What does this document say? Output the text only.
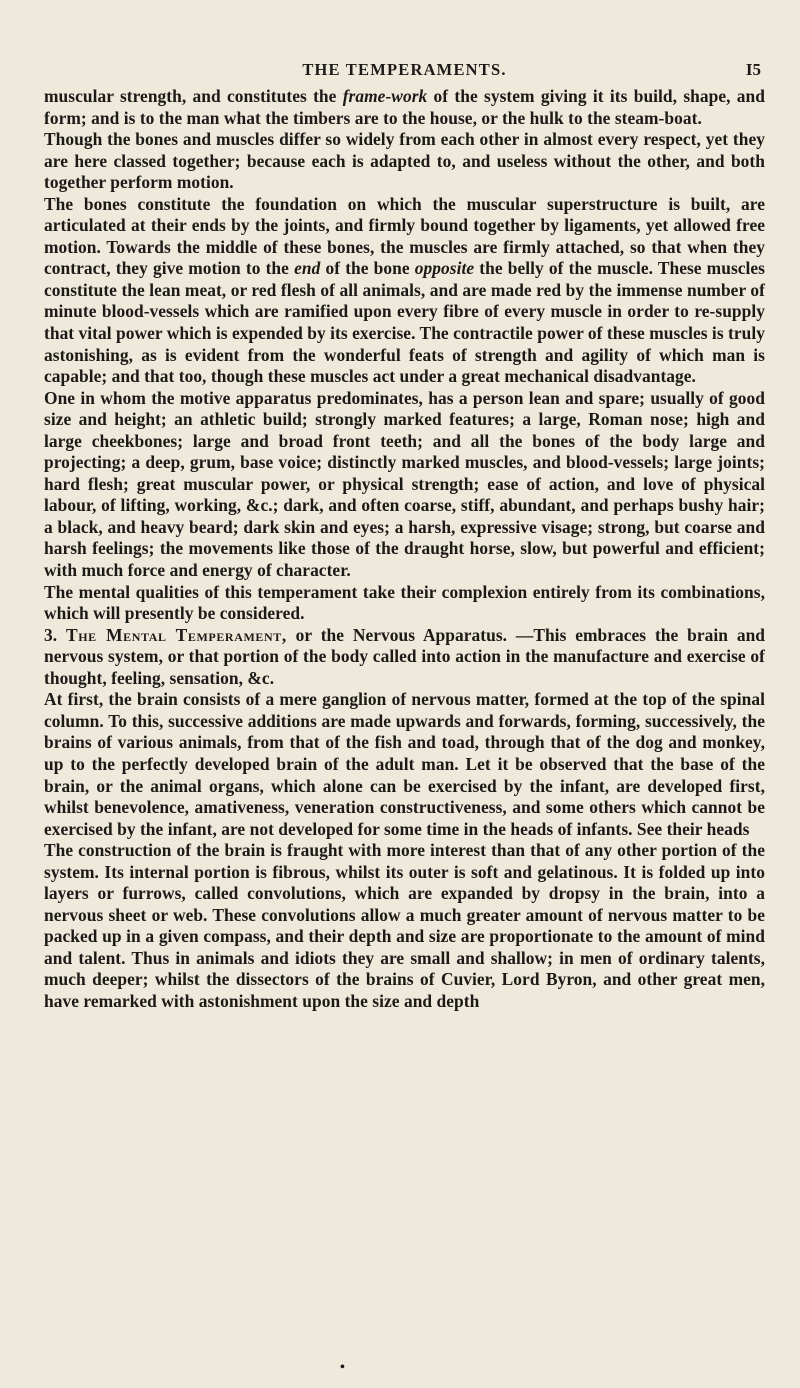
THE TEMPERAMENTS.	I5

muscular strength, and constitutes the frame-work of the system giving it its build, shape, and form; and is to the man what the timbers are to the house, or the hulk to the steam-boat.

Though the bones and muscles differ so widely from each other in almost every respect, yet they are here classed together; because each is adapted to, and useless without the other, and both together perform motion.

The bones constitute the foundation on which the muscular superstructure is built, are articulated at their ends by the joints, and firmly bound together by ligaments, yet allowed free motion. Towards the middle of these bones, the muscles are firmly attached, so that when they contract, they give motion to the end of the bone opposite the belly of the muscle. These muscles constitute the lean meat, or red flesh of all animals, and are made red by the immense number of minute blood-vessels which are ramified upon every fibre of every muscle in order to re-supply that vital power which is expended by its exercise. The contractile power of these muscles is truly astonishing, as is evident from the wonderful feats of strength and agility of which man is capable; and that too, though these muscles act under a great mechanical disadvantage.

One in whom the motive apparatus predominates, has a person lean and spare; usually of good size and height; an athletic build; strongly marked features; a large, Roman nose; high and large cheekbones; large and broad front teeth; and all the bones of the body large and projecting; a deep, grum, base voice; distinctly marked muscles, and blood-vessels; large joints; hard flesh; great muscular power, or physical strength; ease of action, and love of physical labour, of lifting, working, &c.; dark, and often coarse, stiff, abundant, and perhaps bushy hair; a black, and heavy beard; dark skin and eyes; a harsh, expressive visage; strong, but coarse and harsh feelings; the movements like those of the draught horse, slow, but powerful and efficient; with much force and energy of character.

The mental qualities of this temperament take their complexion entirely from its combinations, which will presently be considered.

3. The Mental Temperament, or the Nervous Apparatus. —This embraces the brain and nervous system, or that portion of the body called into action in the manufacture and exercise of thought, feeling, sensation, &c.

At first, the brain consists of a mere ganglion of nervous matter, formed at the top of the spinal column. To this, successive additions are made upwards and forwards, forming, successively, the brains of various animals, from that of the fish and toad, through that of the dog and monkey, up to the perfectly developed brain of the adult man. Let it be observed that the base of the brain, or the animal organs, which alone can be exercised by the infant, are developed first, whilst benevolence, amativeness, veneration constructiveness, and some others which cannot be exercised by the infant, are not developed for some time in the heads of infants. See their heads

The construction of the brain is fraught with more interest than that of any other portion of the system. Its internal portion is fibrous, whilst its outer is soft and gelatinous. It is folded up into layers or furrows, called convolutions, which are expanded by dropsy in the brain, into a nervous sheet or web. These convolutions allow a much greater amount of nervous matter to be packed up in a given compass, and their depth and size are proportionate to the amount of mind and talent. Thus in animals and idiots they are small and shallow; in men of ordinary talents, much deeper; whilst the dissectors of the brains of Cuvier, Lord Byron, and other great men, have remarked with astonishment upon the size and depth

•
